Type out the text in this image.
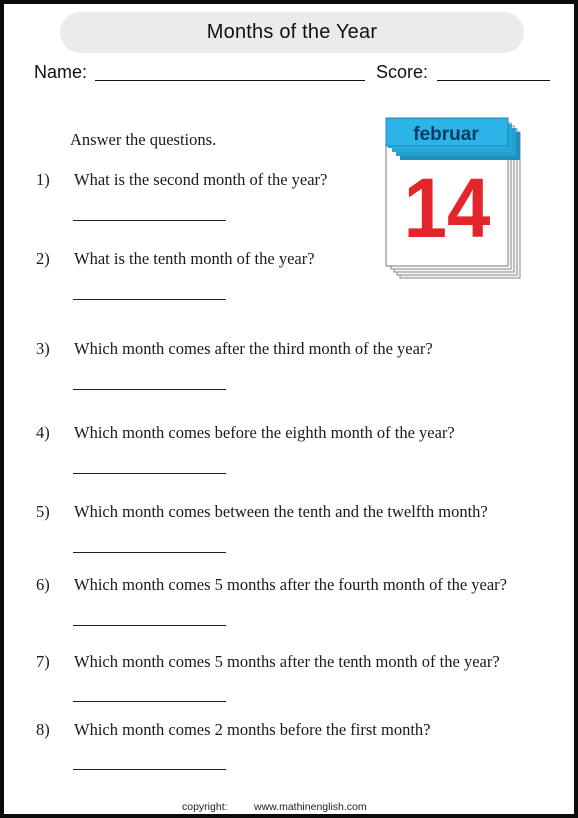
Months of the Year
Name:	Score:
Answer the questions.	februar
14
1) What is the second month of the year?
2) What is the tenth month of the year?
3) Which month comes after the third month of the year?
4) Which month comes before the eighth month of the year?
5) Which month comes between the tenth and the twelfth month?
6) Which month comes 5 months after the fourth month of the year?
7) Which month comes 5 months after the tenth month of the year?
8) Which month comes 2 months before the first month?
copyright:	www.mathinenglish.com
